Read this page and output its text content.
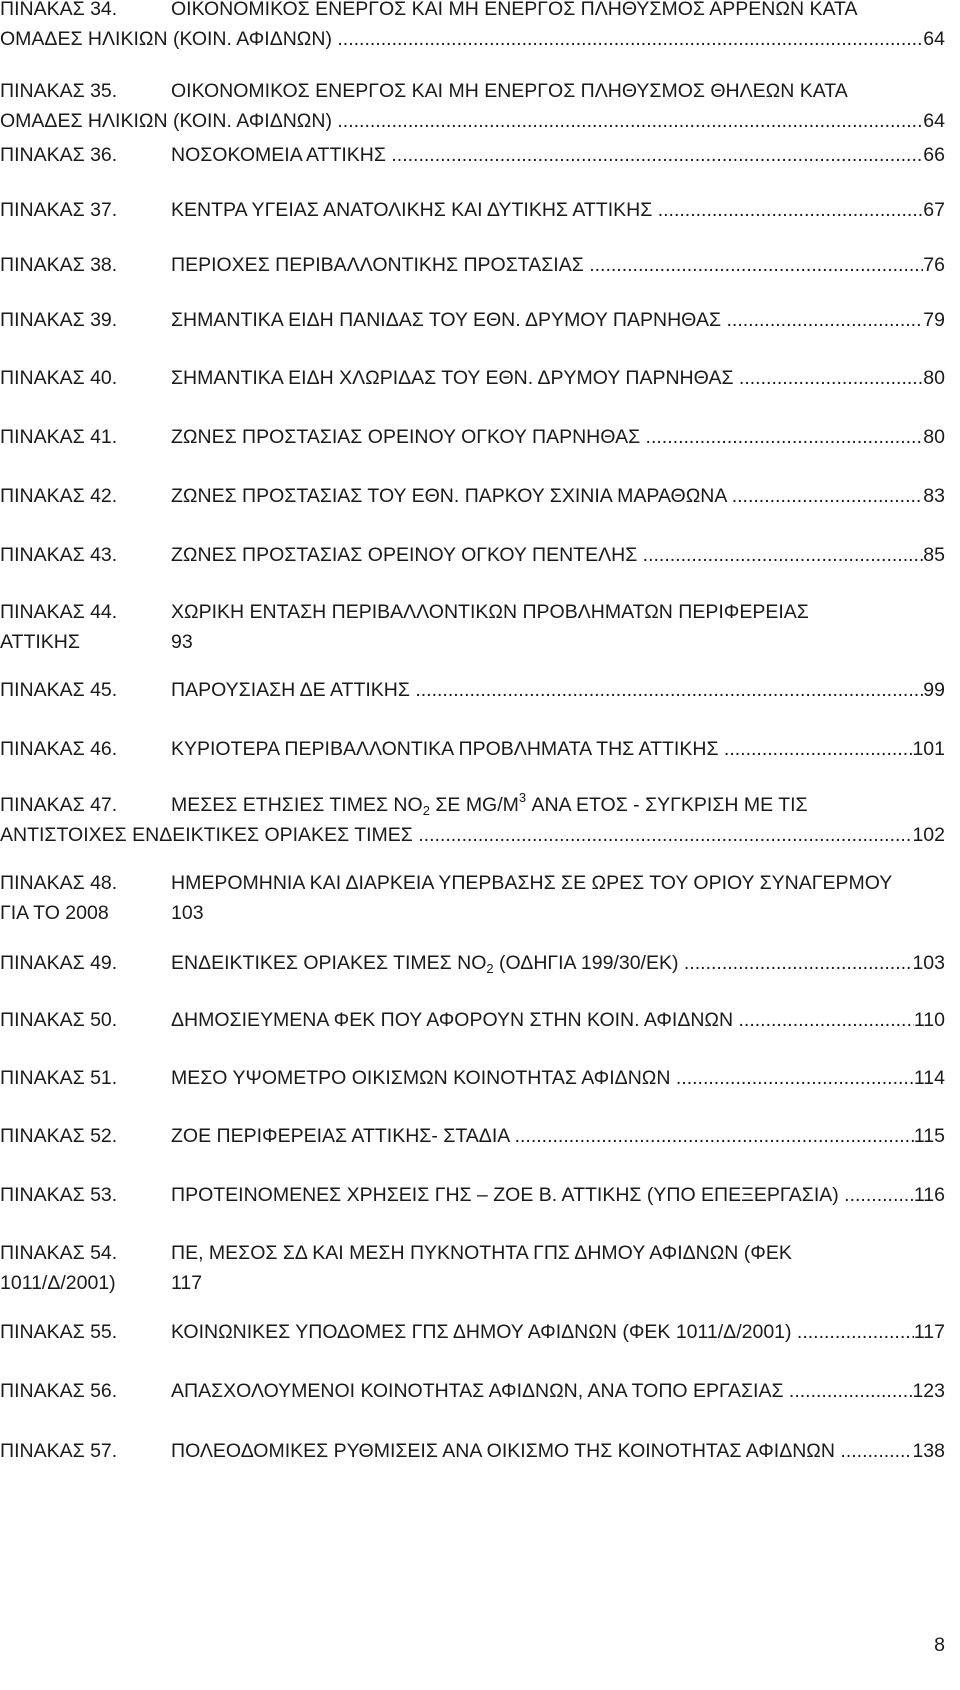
ΠΙΝΑΚΑΣ 34.	ΟΙΚΟΝΟΜΙΚΟΣ ΕΝΕΡΓΟΣ ΚΑΙ ΜΗ ΕΝΕΡΓΟΣ ΠΛΗΘΥΣΜΟΣ ΑΡΡΕΝΩΝ ΚΑΤΑ
ΟΜΑΔΕΣ ΗΛΙΚΙΩΝ (ΚΟΙΝ. ΑΦΙΔΝΩΝ) .....	64
ΠΙΝΑΚΑΣ 35.	ΟΙΚΟΝΟΜΙΚΟΣ ΕΝΕΡΓΟΣ ΚΑΙ ΜΗ ΕΝΕΡΓΟΣ ΠΛΗΘΥΣΜΟΣ ΘΗΛΕΩΝ ΚΑΤΑ
ΟΜΑΔΕΣ ΗΛΙΚΙΩΝ (ΚΟΙΝ. ΑΦΙΔΝΩΝ) .....	64
ΠΙΝΑΚΑΣ 36.	ΝΟΣΟΚΟΜΕΙΑ ΑΤΤΙΚΗΣ .....	66
ΠΙΝΑΚΑΣ 37.	ΚΕΝΤΡΑ ΥΓΕΙΑΣ ΑΝΑΤΟΛΙΚΗΣ ΚΑΙ ΔΥΤΙΚΗΣ ΑΤΤΙΚΗΣ .....	67
ΠΙΝΑΚΑΣ 38.	ΠΕΡΙΟΧΕΣ ΠΕΡΙΒΑΛΛΟΝΤΙΚΗΣ ΠΡΟΣΤΑΣΙΑΣ .....	76
ΠΙΝΑΚΑΣ 39.	ΣΗΜΑΝΤΙΚΑ ΕΙΔΗ ΠΑΝΙΔΑΣ ΤΟΥ ΕΘΝ. ΔΡΥΜΟΥ ΠΑΡΝΗΘΑΣ .....	79
ΠΙΝΑΚΑΣ 40.	ΣΗΜΑΝΤΙΚΑ ΕΙΔΗ ΧΛΩΡΙΔΑΣ ΤΟΥ ΕΘΝ. ΔΡΥΜΟΥ ΠΑΡΝΗΘΑΣ .....	80
ΠΙΝΑΚΑΣ 41.	ΖΩΝΕΣ ΠΡΟΣΤΑΣΙΑΣ ΟΡΕΙΝΟΥ ΟΓΚΟΥ ΠΑΡΝΗΘΑΣ .....	80
ΠΙΝΑΚΑΣ 42.	ΖΩΝΕΣ ΠΡΟΣΤΑΣΙΑΣ ΤΟΥ ΕΘΝ. ΠΑΡΚΟΥ ΣΧΙΝΙΑ ΜΑΡΑΘΩΝΑ .....	83
ΠΙΝΑΚΑΣ 43.	ΖΩΝΕΣ ΠΡΟΣΤΑΣΙΑΣ ΟΡΕΙΝΟΥ ΟΓΚΟΥ ΠΕΝΤΕΛΗΣ .....	85
ΠΙΝΑΚΑΣ 44.	ΧΩΡΙΚΗ ΕΝΤΑΣΗ ΠΕΡΙΒΑΛΛΟΝΤΙΚΩΝ ΠΡΟΒΛΗΜΑΤΩΝ ΠΕΡΙΦΕΡΕΙΑΣ
ΑΤΤΙΚΗΣ	93
ΠΙΝΑΚΑΣ 45.	ΠΑΡΟΥΣΙΑΣΗ ΔΕ ΑΤΤΙΚΗΣ .....	99
ΠΙΝΑΚΑΣ 46.	ΚΥΡΙΟΤΕΡΑ ΠΕΡΙΒΑΛΛΟΝΤΙΚΑ ΠΡΟΒΛΗΜΑΤΑ ΤΗΣ ΑΤΤΙΚΗΣ .....	101
ΠΙΝΑΚΑΣ 47.	ΜΕΣΕΣ ΕΤΗΣΙΕΣ ΤΙΜΕΣ $NO_2$ ΣΕ $MG/M^3$ ΑΝΑ ΕΤΟΣ - ΣΥΓΚΡΙΣΗ ΜΕ ΤΙΣ
ΑΝΤΙΣΤΟΙΧΕΣ ΕΝΔΕΙΚΤΙΚΕΣ ΟΡΙΑΚΕΣ ΤΙΜΕΣ .....	102
ΠΙΝΑΚΑΣ 48.	ΗΜΕΡΟΜΗΝΙΑ ΚΑΙ ΔΙΑΡΚΕΙΑ ΥΠΕΡΒΑΣΗΣ ΣΕ ΩΡΕΣ ΤΟΥ ΟΡΙΟΥ ΣΥΝΑΓΕΡΜΟΥ
ΓΙΑ ΤΟ 2008	103
ΠΙΝΑΚΑΣ 49.	ΕΝΔΕΙΚΤΙΚΕΣ ΟΡΙΑΚΕΣ ΤΙΜΕΣ $NO_2$ (ΟΔΗΓΙΑ 199/30/ΕΚ) .....	103
ΠΙΝΑΚΑΣ 50.	ΔΗΜΟΣΙΕΥΜΕΝΑ ΦΕΚ ΠΟΥ ΑΦΟΡΟΥΝ ΣΤΗΝ ΚΟΙΝ. ΑΦΙΔΝΩΝ .....	110
ΠΙΝΑΚΑΣ 51.	ΜΕΣΟ ΥΨΟΜΕΤΡΟ ΟΙΚΙΣΜΩΝ ΚΟΙΝΟΤΗΤΑΣ ΑΦΙΔΝΩΝ .....	114
ΠΙΝΑΚΑΣ 52.	ΖΟΕ ΠΕΡΙΦΕΡΕΙΑΣ ΑΤΤΙΚΗΣ- ΣΤΑΔΙΑ .....	115
ΠΙΝΑΚΑΣ 53.	ΠΡΟΤΕΙΝΟΜΕΝΕΣ ΧΡΗΣΕΙΣ ΓΗΣ – ΖΟΕ Β. ΑΤΤΙΚΗΣ (ΥΠΟ ΕΠΕΞΕΡΓΑΣΙΑ) .....	116
ΠΙΝΑΚΑΣ 54.	ΠΕ, ΜΕΣΟΣ ΣΔ ΚΑΙ ΜΕΣΗ ΠΥΚΝΟΤΗΤΑ ΓΠΣ ΔΗΜΟΥ ΑΦΙΔΝΩΝ (ΦΕΚ
1011/Δ/2001)	117
ΠΙΝΑΚΑΣ 55.	ΚΟΙΝΩΝΙΚΕΣ ΥΠΟΔΟΜΕΣ ΓΠΣ ΔΗΜΟΥ ΑΦΙΔΝΩΝ (ΦΕΚ 1011/Δ/2001) .....	117
ΠΙΝΑΚΑΣ 56.	ΑΠΑΣΧΟΛΟΥΜΕΝΟΙ ΚΟΙΝΟΤΗΤΑΣ ΑΦΙΔΝΩΝ, ΑΝΑ ΤΟΠΟ ΕΡΓΑΣΙΑΣ .....	123
ΠΙΝΑΚΑΣ 57.	ΠΟΛΕΟΔΟΜΙΚΕΣ ΡΥΘΜΙΣΕΙΣ ΑΝΑ ΟΙΚΙΣΜΟ ΤΗΣ ΚΟΙΝΟΤΗΤΑΣ ΑΦΙΔΝΩΝ .....	138
8
